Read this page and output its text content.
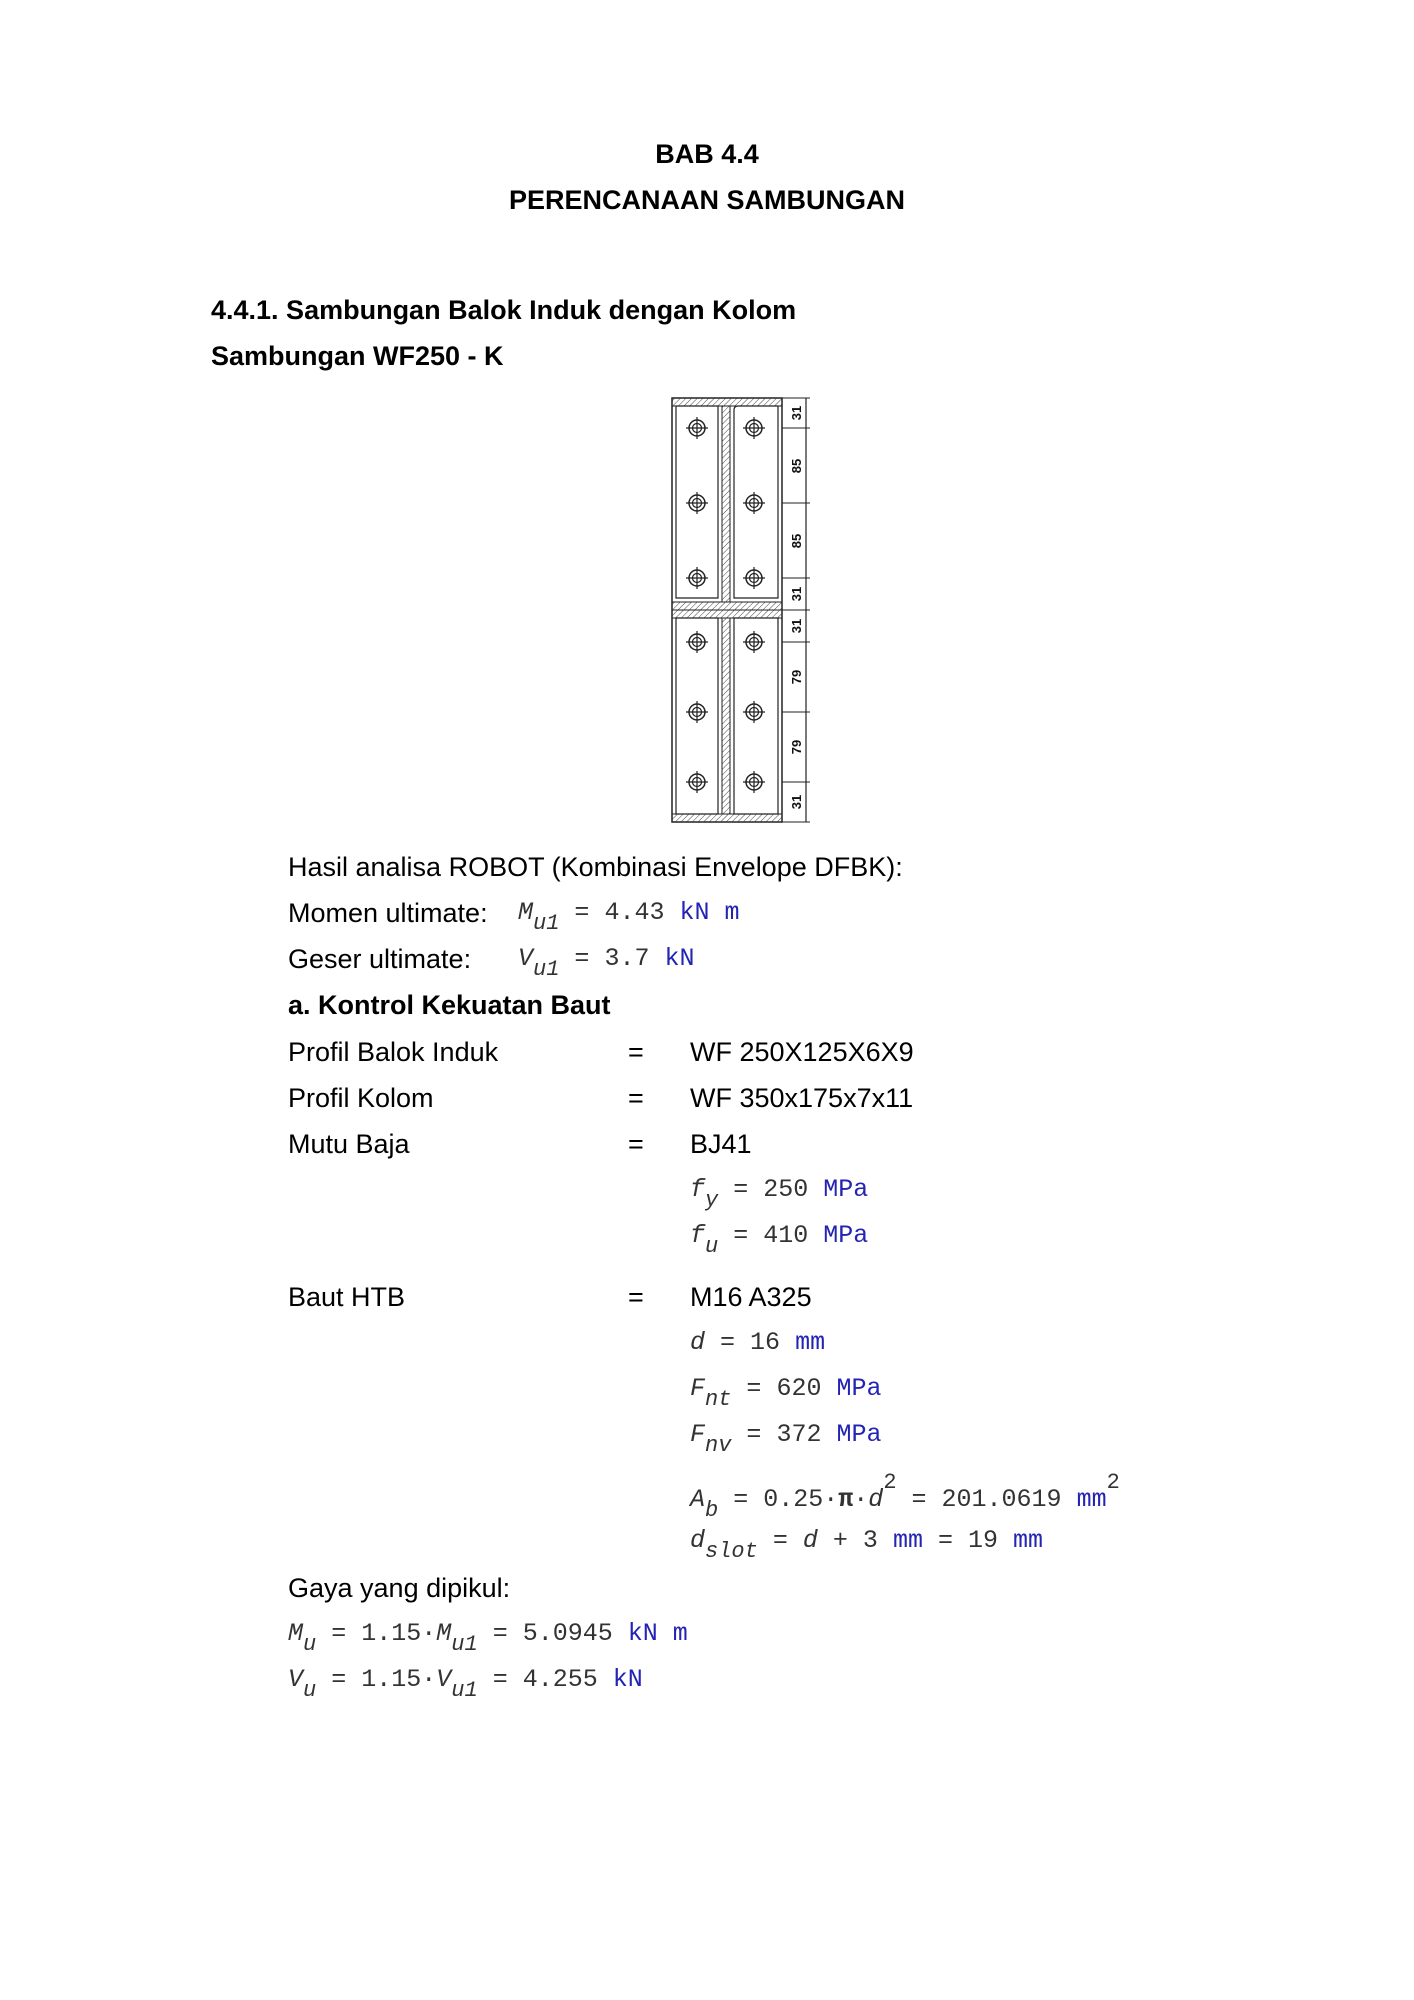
BAB 4.4
PERENCANAAN SAMBUNGAN
4.4.1. Sambungan Balok Induk dengan Kolom
Sambungan WF250 - K
31
85
85
31
31
79
79
31
Hasil analisa ROBOT (Kombinasi Envelope DFBK):
Momen ultimate: $M_{u1} = 4.43$ kN m
Geser ultimate: $V_{u1} = 3.7$ kN
a. Kontrol Kekuatan Baut
Profil Balok Induk	= WF 250X125X6X9
Profil Kolom	= WF 350x175x7x11
Mutu Baja	= BJ41
$f_y = 250$ MPa
$f_u = 410$ MPa
Baut HTB	= M16 A325
d = 16 mm
$F_{nt} = 620$ MPa
$F_{nv} = 372$ MPa
$A_b = 0.25\cdot\pi\cdot d^2 = 201.0619$ $mm^2$
$d_{slot} = d + 3$ mm = 19 mm
Gaya yang dipikul:
$M_u = 1.15\cdot M_{u1} = 5.0945$ kN m
$V_u = 1.15\cdot V_{u1} = 4.255$ kN
